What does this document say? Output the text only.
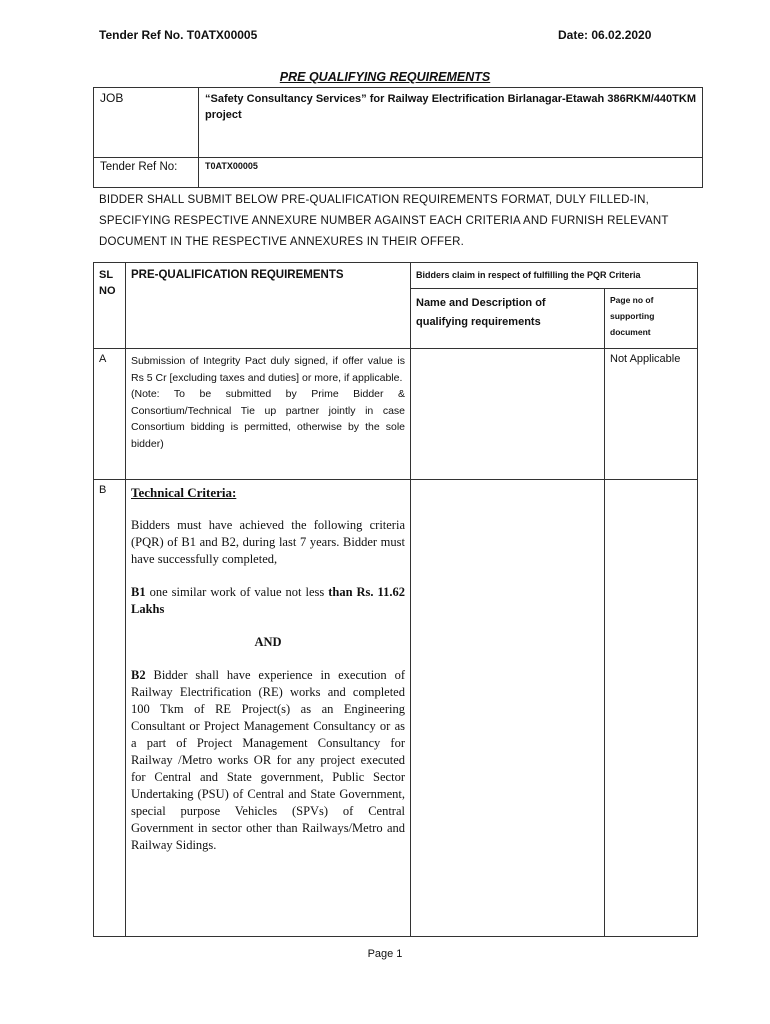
Tender Ref No. T0ATX00005	Date: 06.02.2020
PRE QUALIFYING REQUIREMENTS
JOB	“Safety Consultancy Services” for Railway Electrification Birlanagar-Etawah 386RKM/440TKM project
Tender Ref No:	T0ATX00005
BIDDER SHALL SUBMIT BELOW PRE-QUALIFICATION REQUIREMENTS FORMAT, DULY FILLED-IN, SPECIFYING RESPECTIVE ANNEXURE NUMBER AGAINST EACH CRITERIA AND FURNISH RELEVANT DOCUMENT IN THE RESPECTIVE ANNEXURES IN THEIR OFFER.
SL NO	PRE-QUALIFICATION REQUIREMENTS	Bidders claim in respect of fulfilling the PQR Criteria	
		Name and Description of qualifying requirements	Page no of supporting document
A	Submission of Integrity Pact duly signed, if offer value is Rs 5 Cr [excluding taxes and duties] or more, if applicable.

(Note: To be submitted by Prime Bidder & Consortium/Technical Tie up partner jointly in case Consortium bidding is permitted, otherwise by the sole bidder)		Not Applicable
B	Technical Criteria:

Bidders must have achieved the following criteria (PQR) of B1 and B2, during last 7 years. Bidder must have successfully completed,

B1 one similar work of value not less than Rs. 11.62 Lakhs

AND

B2 Bidder shall have experience in execution of Railway Electrification (RE) works and completed 100 Tkm of RE Project(s) as an Engineering Consultant or Project Management Consultancy or as a part of Project Management Consultancy for Railway /Metro works OR for any project executed for Central and State government, Public Sector Undertaking (PSU) of Central and State Government, special purpose Vehicles (SPVs) of Central Government in sector other than Railways/Metro and Railway Sidings.		

Page 1
